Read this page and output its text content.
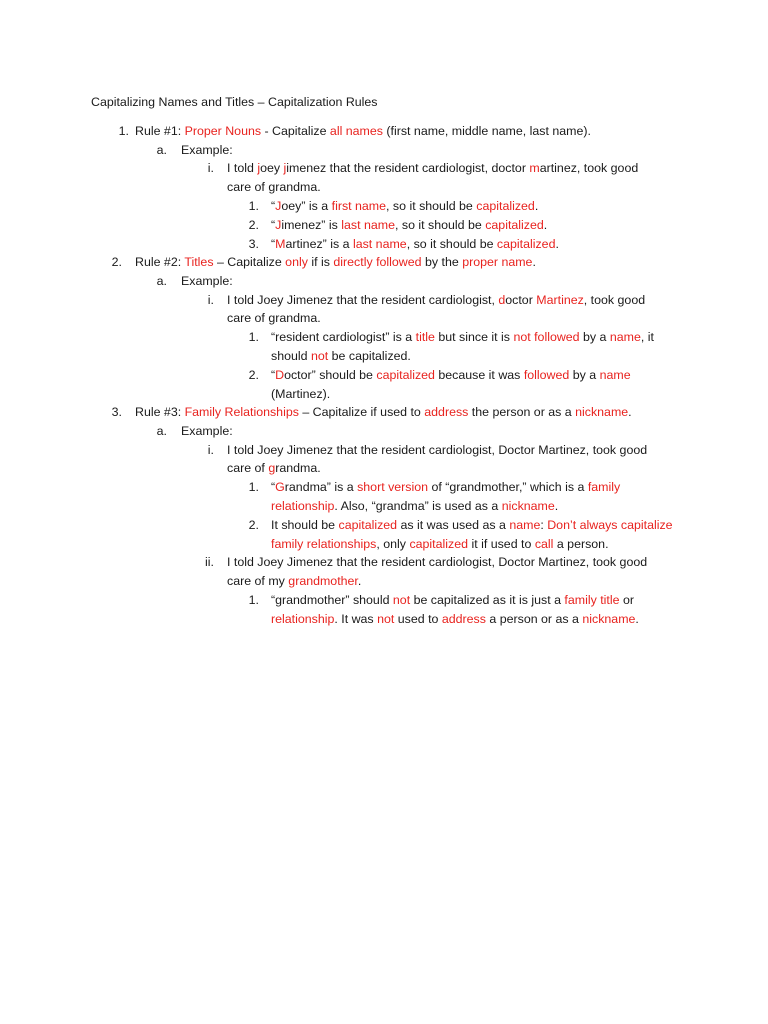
Capitalizing Names and Titles – Capitalization Rules
1. Rule #1: Proper Nouns - Capitalize all names (first name, middle name, last name).
a. Example:
i. I told joey jimenez that the resident cardiologist, doctor martinez, took good
care of grandma.
1. “Joey” is a first name, so it should be capitalized.
2. “Jimenez” is last name, so it should be capitalized.
3. “Martinez” is a last name, so it should be capitalized.
2. Rule #2: Titles – Capitalize only if is directly followed by the proper name.
a. Example:
i. I told Joey Jimenez that the resident cardiologist, doctor Martinez, took good
care of grandma.
1. “resident cardiologist” is a title but since it is not followed by a name, it
should not be capitalized.
2. “Doctor” should be capitalized because it was followed by a name
(Martinez).
3. Rule #3: Family Relationships – Capitalize if used to address the person or as a nickname.
a. Example:
i. I told Joey Jimenez that the resident cardiologist, Doctor Martinez, took good
care of grandma.
1. “Grandma” is a short version of “grandmother,” which is a family
relationship. Also, “grandma” is used as a nickname.
2. It should be capitalized as it was used as a name: Don’t always capitalize
family relationships, only capitalized it if used to call a person.
ii. I told Joey Jimenez that the resident cardiologist, Doctor Martinez, took good
care of my grandmother.
1. “grandmother” should not be capitalized as it is just a family title or
relationship. It was not used to address a person or as a nickname.
